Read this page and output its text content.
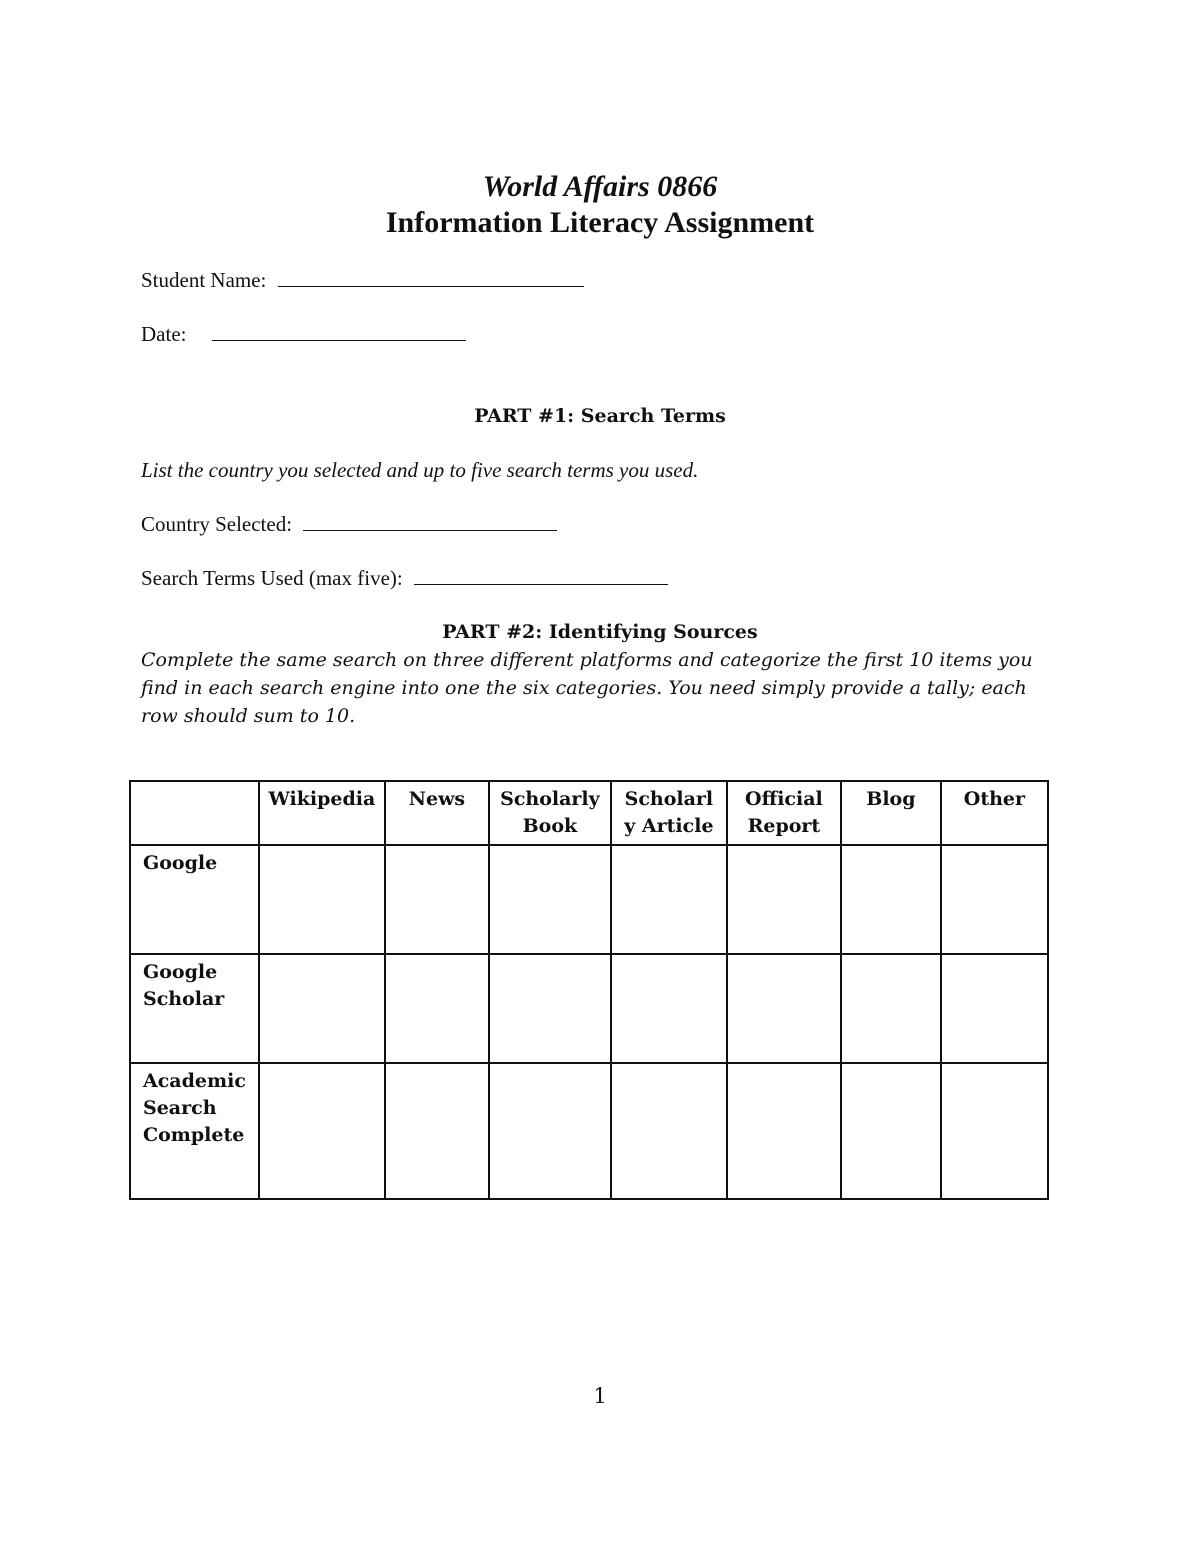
World Affairs 0866
Information Literacy Assignment
Student Name:
Date:
PART #1: Search Terms
List the country you selected and up to five search terms you used.
Country Selected:
Search Terms Used (max five):
PART #2: Identifying Sources
Complete the same search on three different platforms and categorize the first 10 items you find in each search engine into one the six categories. You need simply provide a tally; each row should sum to 10.
	Wikipedia	News	Scholarly Book	Scholarl y Article	Official Report	Blog	Other
Google							
Google Scholar							
Academic Search Complete							
1
